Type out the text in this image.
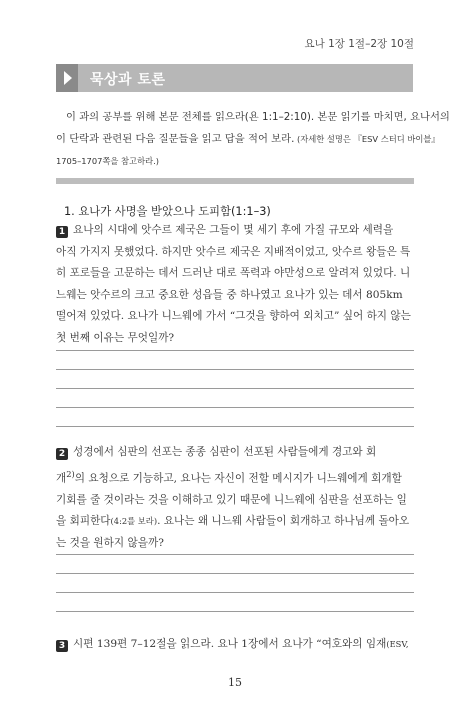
요나 1장 1절–2장 10절
묵상과 토론
이 과의 공부를 위해 본문 전체를 읽으라(욘 1:1–2:10). 본문 읽기를 마치면, 요나서의
이 단락과 관련된 다음 질문들을 읽고 답을 적어 보라. (자세한 설명은 『ESV 스터디 바이블』
1705–1707쪽을 참고하라.)
1. 요나가 사명을 받았으나 도피함(1:1–3)
1 요나의 시대에 앗수르 제국은 그들이 몇 세기 후에 가질 규모와 세력을
아직 가지지 못했었다. 하지만 앗수르 제국은 지배적이었고, 앗수르 왕들은 특
히 포로들을 고문하는 데서 드러난 대로 폭력과 야만성으로 알려져 있었다. 니
느웨는 앗수르의 크고 중요한 성읍들 중 하나였고 요나가 있는 데서 805km
떨어져 있었다. 요나가 니느웨에 가서 “그것을 향하여 외치고” 싶어 하지 않는
첫 번째 이유는 무엇일까?
2 성경에서 심판의 선포는 종종 심판이 선포된 사람들에게 경고와 회
개$^{2)}$의 요청으로 기능하고, 요나는 자신이 전할 메시지가 니느웨에게 회개할
기회를 줄 것이라는 것을 이해하고 있기 때문에 니느웨에 심판을 선포하는 일
을 회피한다(4:2를 보라). 요나는 왜 니느웨 사람들이 회개하고 하나님께 돌아오
는 것을 원하지 않을까?
3 시편 139편 7–12절을 읽으라. 요나 1장에서 요나가 “여호와의 임재(ESV,
15
